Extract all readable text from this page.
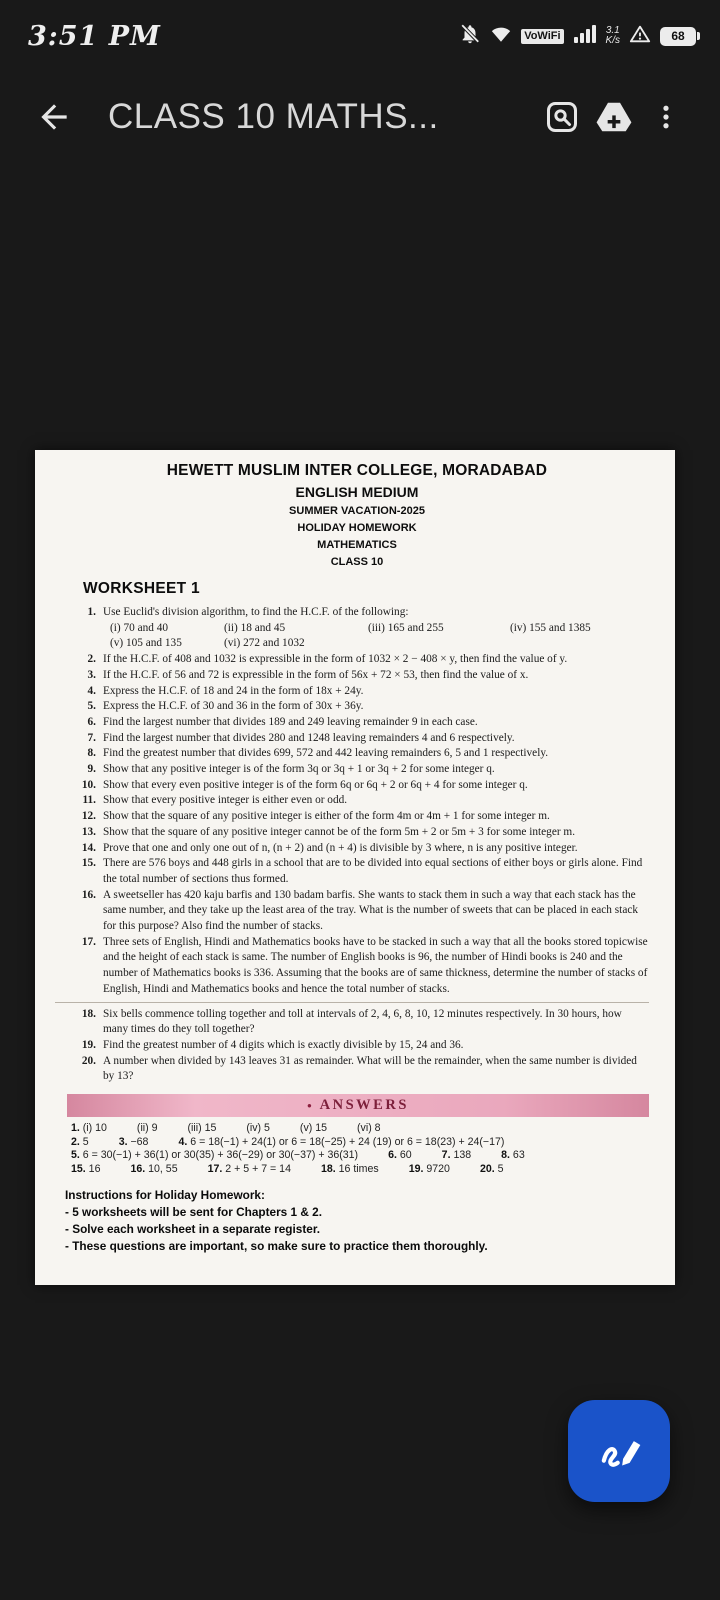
3:51 PM	VoWiFi	3.1
K/s	68
CLASS 10 MATHS...
HEWETT MUSLIM INTER COLLEGE, MORADABAD
ENGLISH MEDIUM
SUMMER VACATION-2025
HOLIDAY HOMEWORK
MATHEMATICS
CLASS 10
WORKSHEET 1
1. Use Euclid's division algorithm, to find the H.C.F. of the following:
(i) 70 and 40	(ii) 18 and 45	(iii) 165 and 255	(iv) 155 and 1385
(v) 105 and 135	(vi) 272 and 1032
2. If the H.C.F. of 408 and 1032 is expressible in the form of 1032 × 2 − 408 × y, then find the value of y.
3. If the H.C.F. of 56 and 72 is expressible in the form of 56x + 72 × 53, then find the value of x.
4. Express the H.C.F. of 18 and 24 in the form of 18x + 24y.
5. Express the H.C.F. of 30 and 36 in the form of 30x + 36y.
6. Find the largest number that divides 189 and 249 leaving remainder 9 in each case.
7. Find the largest number that divides 280 and 1248 leaving remainders 4 and 6 respectively.
8. Find the greatest number that divides 699, 572 and 442 leaving remainders 6, 5 and 1 respectively.
9. Show that any positive integer is of the form 3q or 3q + 1 or 3q + 2 for some integer q.
10. Show that every even positive integer is of the form 6q or 6q + 2 or 6q + 4 for some integer q.
11. Show that every positive integer is either even or odd.
12. Show that the square of any positive integer is either of the form 4m or 4m + 1 for some integer m.
13. Show that the square of any positive integer cannot be of the form 5m + 2 or 5m + 3 for some integer m.
14. Prove that one and only one out of n, (n + 2) and (n + 4) is divisible by 3 where, n is any positive integer.
15. There are 576 boys and 448 girls in a school that are to be divided into equal sections of either boys or girls alone. Find the total number of sections thus formed.
16. A sweetseller has 420 kaju barfis and 130 badam barfis. She wants to stack them in such a way that each stack has the same number, and they take up the least area of the tray. What is the number of sweets that can be placed in each stack for this purpose? Also find the number of stacks.
17. Three sets of English, Hindi and Mathematics books have to be stacked in such a way that all the books stored topicwise and the height of each stack is same. The number of English books is 96, the number of Hindi books is 240 and the number of Mathematics books is 336. Assuming that the books are of same thickness, determine the number of stacks of English, Hindi and Mathematics books and hence the total number of stacks.
18. Six bells commence tolling together and toll at intervals of 2, 4, 6, 8, 10, 12 minutes respectively. In 30 hours, how many times do they toll together?
19. Find the greatest number of 4 digits which is exactly divisible by 15, 24 and 36.
20. A number when divided by 143 leaves 31 as remainder. What will be the remainder, when the same number is divided by 13?
• ANSWERS
1. (i) 10	(ii) 9	(iii) 15	(iv) 5	(v) 15	(vi) 8
2. 5	3. −68	4. 6 = 18(−1) + 24(1) or 6 = 18(−25) + 24 (19) or 6 = 18(23) + 24(−17)
5. 6 = 30(−1) + 36(1) or 30(35) + 36(−29) or 30(−37) + 36(31)	6. 60	7. 138	8. 63
15. 16	16. 10, 55	17. 2 + 5 + 7 = 14	18. 16 times	19. 9720	20. 5
Instructions for Holiday Homework:
- 5 worksheets will be sent for Chapters 1 & 2.
- Solve each worksheet in a separate register.
- These questions are important, so make sure to practice them thoroughly.
